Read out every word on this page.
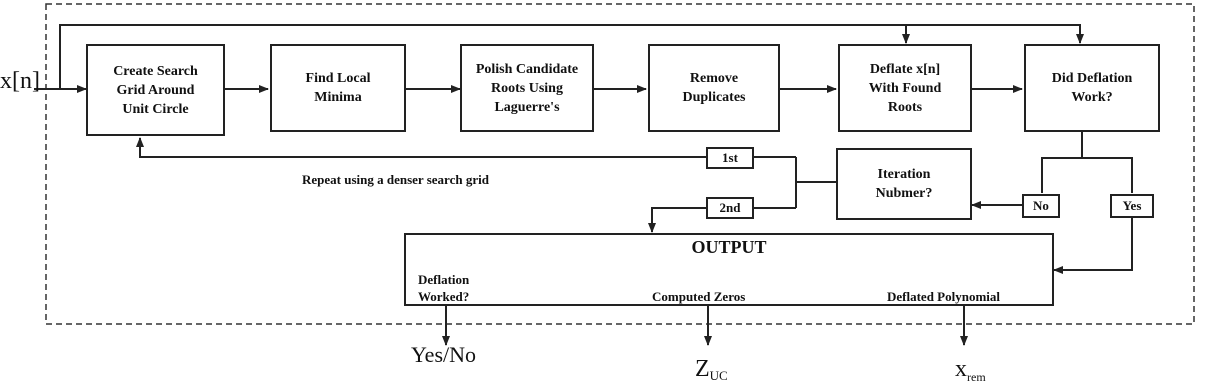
x[n]	Create Search
Grid Around
Unit Circle
Find Local
Minima
Polish Candidate
Roots Using
Laguerre's
Remove
Duplicates
Deflate x[n]
With Found
Roots
Did Deflation
Work?
Iteration
Nubmer?
1st
2nd	No	Yes
Repeat using a denser search grid

OUTPUT

Deflation
Worked?	Computed Zeros	Deflated Polynomial

Yes/No

ZUC	$x_{rem}$
